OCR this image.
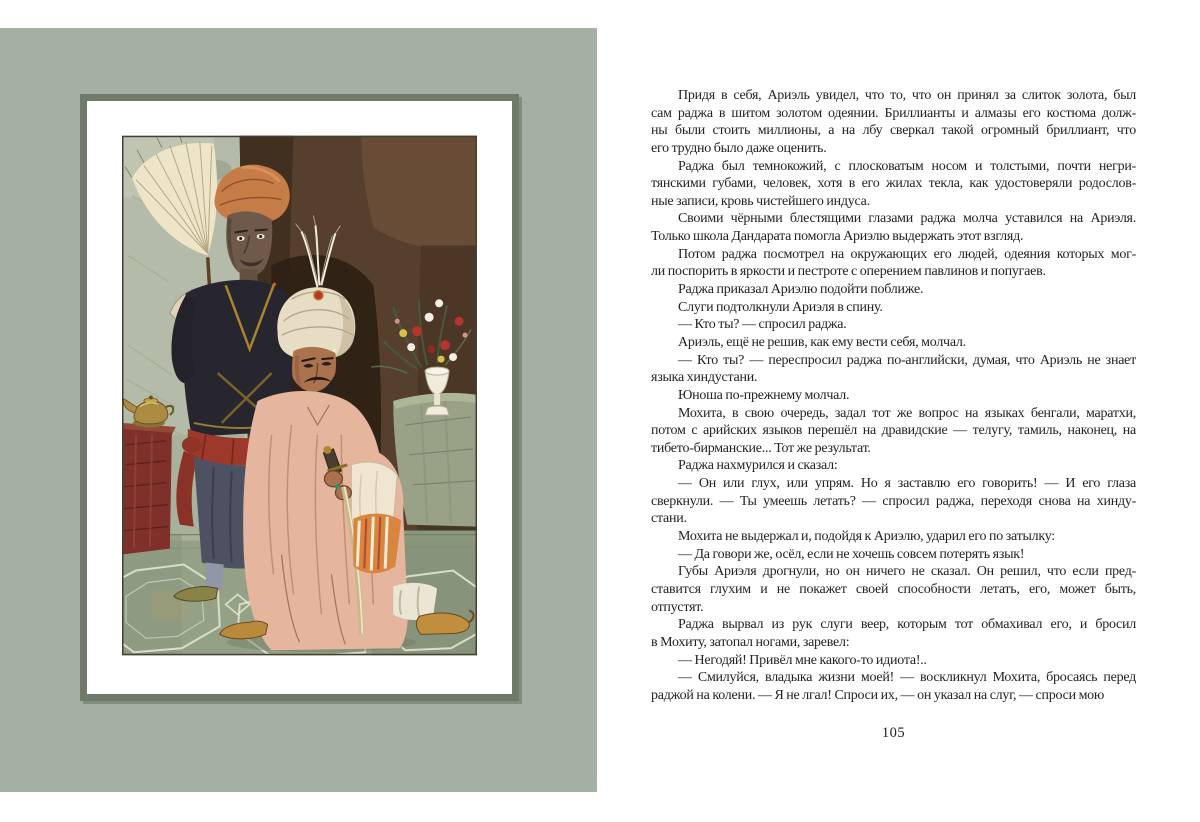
Придя в себя, Ариэль увидел, что то, что он принял за слиток золота, был
сам раджа в шитом золотом одеянии. Бриллианты и алмазы его костюма долж-
ны были стоить миллионы, а на лбу сверкал такой огромный бриллиант, что
его трудно было даже оценить.
Раджа был темнокожий, с плосковатым носом и толстыми, почти негри-
тянскими губами, человек, хотя в его жилах текла, как удостоверяли родослов-
ные записи, кровь чистейшего индуса.
Своими чёрными блестящими глазами раджа молча уставился на Ариэля.
Только школа Дандарата помогла Ариэлю выдержать этот взгляд.
Потом раджа посмотрел на окружающих его людей, одеяния которых мог-
ли поспорить в яркости и пестроте с оперением павлинов и попугаев.
Раджа приказал Ариэлю подойти поближе.
Слуги подтолкнули Ариэля в спину.
— Кто ты? — спросил раджа.
Ариэль, ещё не решив, как ему вести себя, молчал.
— Кто ты? — переспросил раджа по-английски, думая, что Ариэль не знает
языка хиндустани.
Юноша по-прежнему молчал.
Мохита, в свою очередь, задал тот же вопрос на языках бенгали, маратхи,
потом с арийских языков перешёл на дравидские — телугу, тамиль, наконец, на
тибето-бирманские... Тот же результат.
Раджа нахмурился и сказал:
— Он или глух, или упрям. Но я заставлю его говорить! — И его глаза
сверкнули. — Ты умеешь летать? — спросил раджа, переходя снова на хинду-
стани.
Мохита не выдержал и, подойдя к Ариэлю, ударил его по затылку:
— Да говори же, осёл, если не хочешь совсем потерять язык!
Губы Ариэля дрогнули, но он ничего не сказал. Он решил, что если пред-
ставится глухим и не покажет своей способности летать, его, может быть,
отпустят.
Раджа вырвал из рук слуги веер, которым тот обмахивал его, и бросил
в Мохиту, затопал ногами, заревел:
— Негодяй! Привёл мне какого-то идиота!..
— Смилуйся, владыка жизни моей! — воскликнул Мохита, бросаясь перед
раджой на колени. — Я не лгал! Спроси их, — он указал на слуг, — спроси мою
105
